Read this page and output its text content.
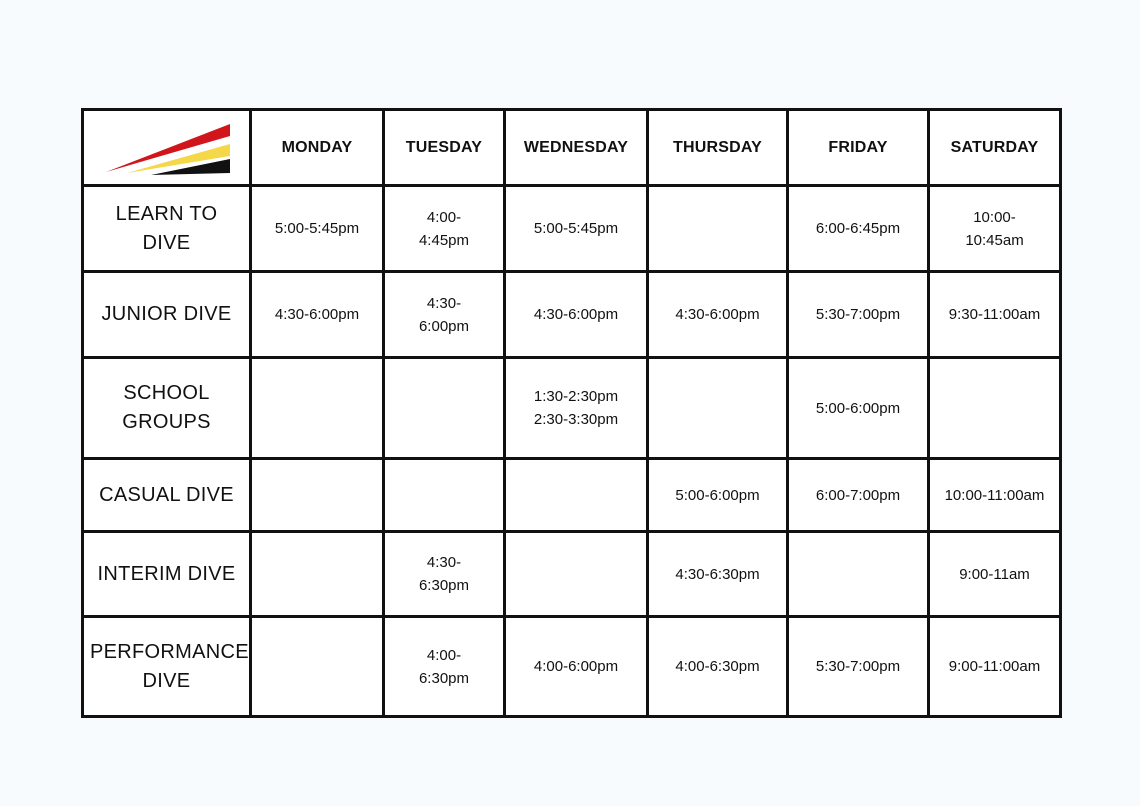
	MONDAY	TUESDAY	WEDNESDAY	THURSDAY	FRIDAY	SATURDAY

LEARN TO DIVE	5:00-5:45pm	4:00-
4:45pm	5:00-5:45pm		6:00-6:45pm	10:00-
10:45am

JUNIOR DIVE	4:30-6:00pm	4:30-
6:00pm	4:30-6:00pm	4:30-6:00pm	5:30-7:00pm	9:30-11:00am

SCHOOL
GROUPS			1:30-2:30pm
2:30-3:30pm		5:00-6:00pm	

CASUAL DIVE				5:00-6:00pm	6:00-7:00pm	10:00-11:00am

INTERIM DIVE		4:30-
6:30pm		4:30-6:30pm		9:00-11am

PERFORMANCE
DIVE		4:00-
6:30pm	4:00-6:00pm	4:00-6:30pm	5:30-7:00pm	9:00-11:00am
